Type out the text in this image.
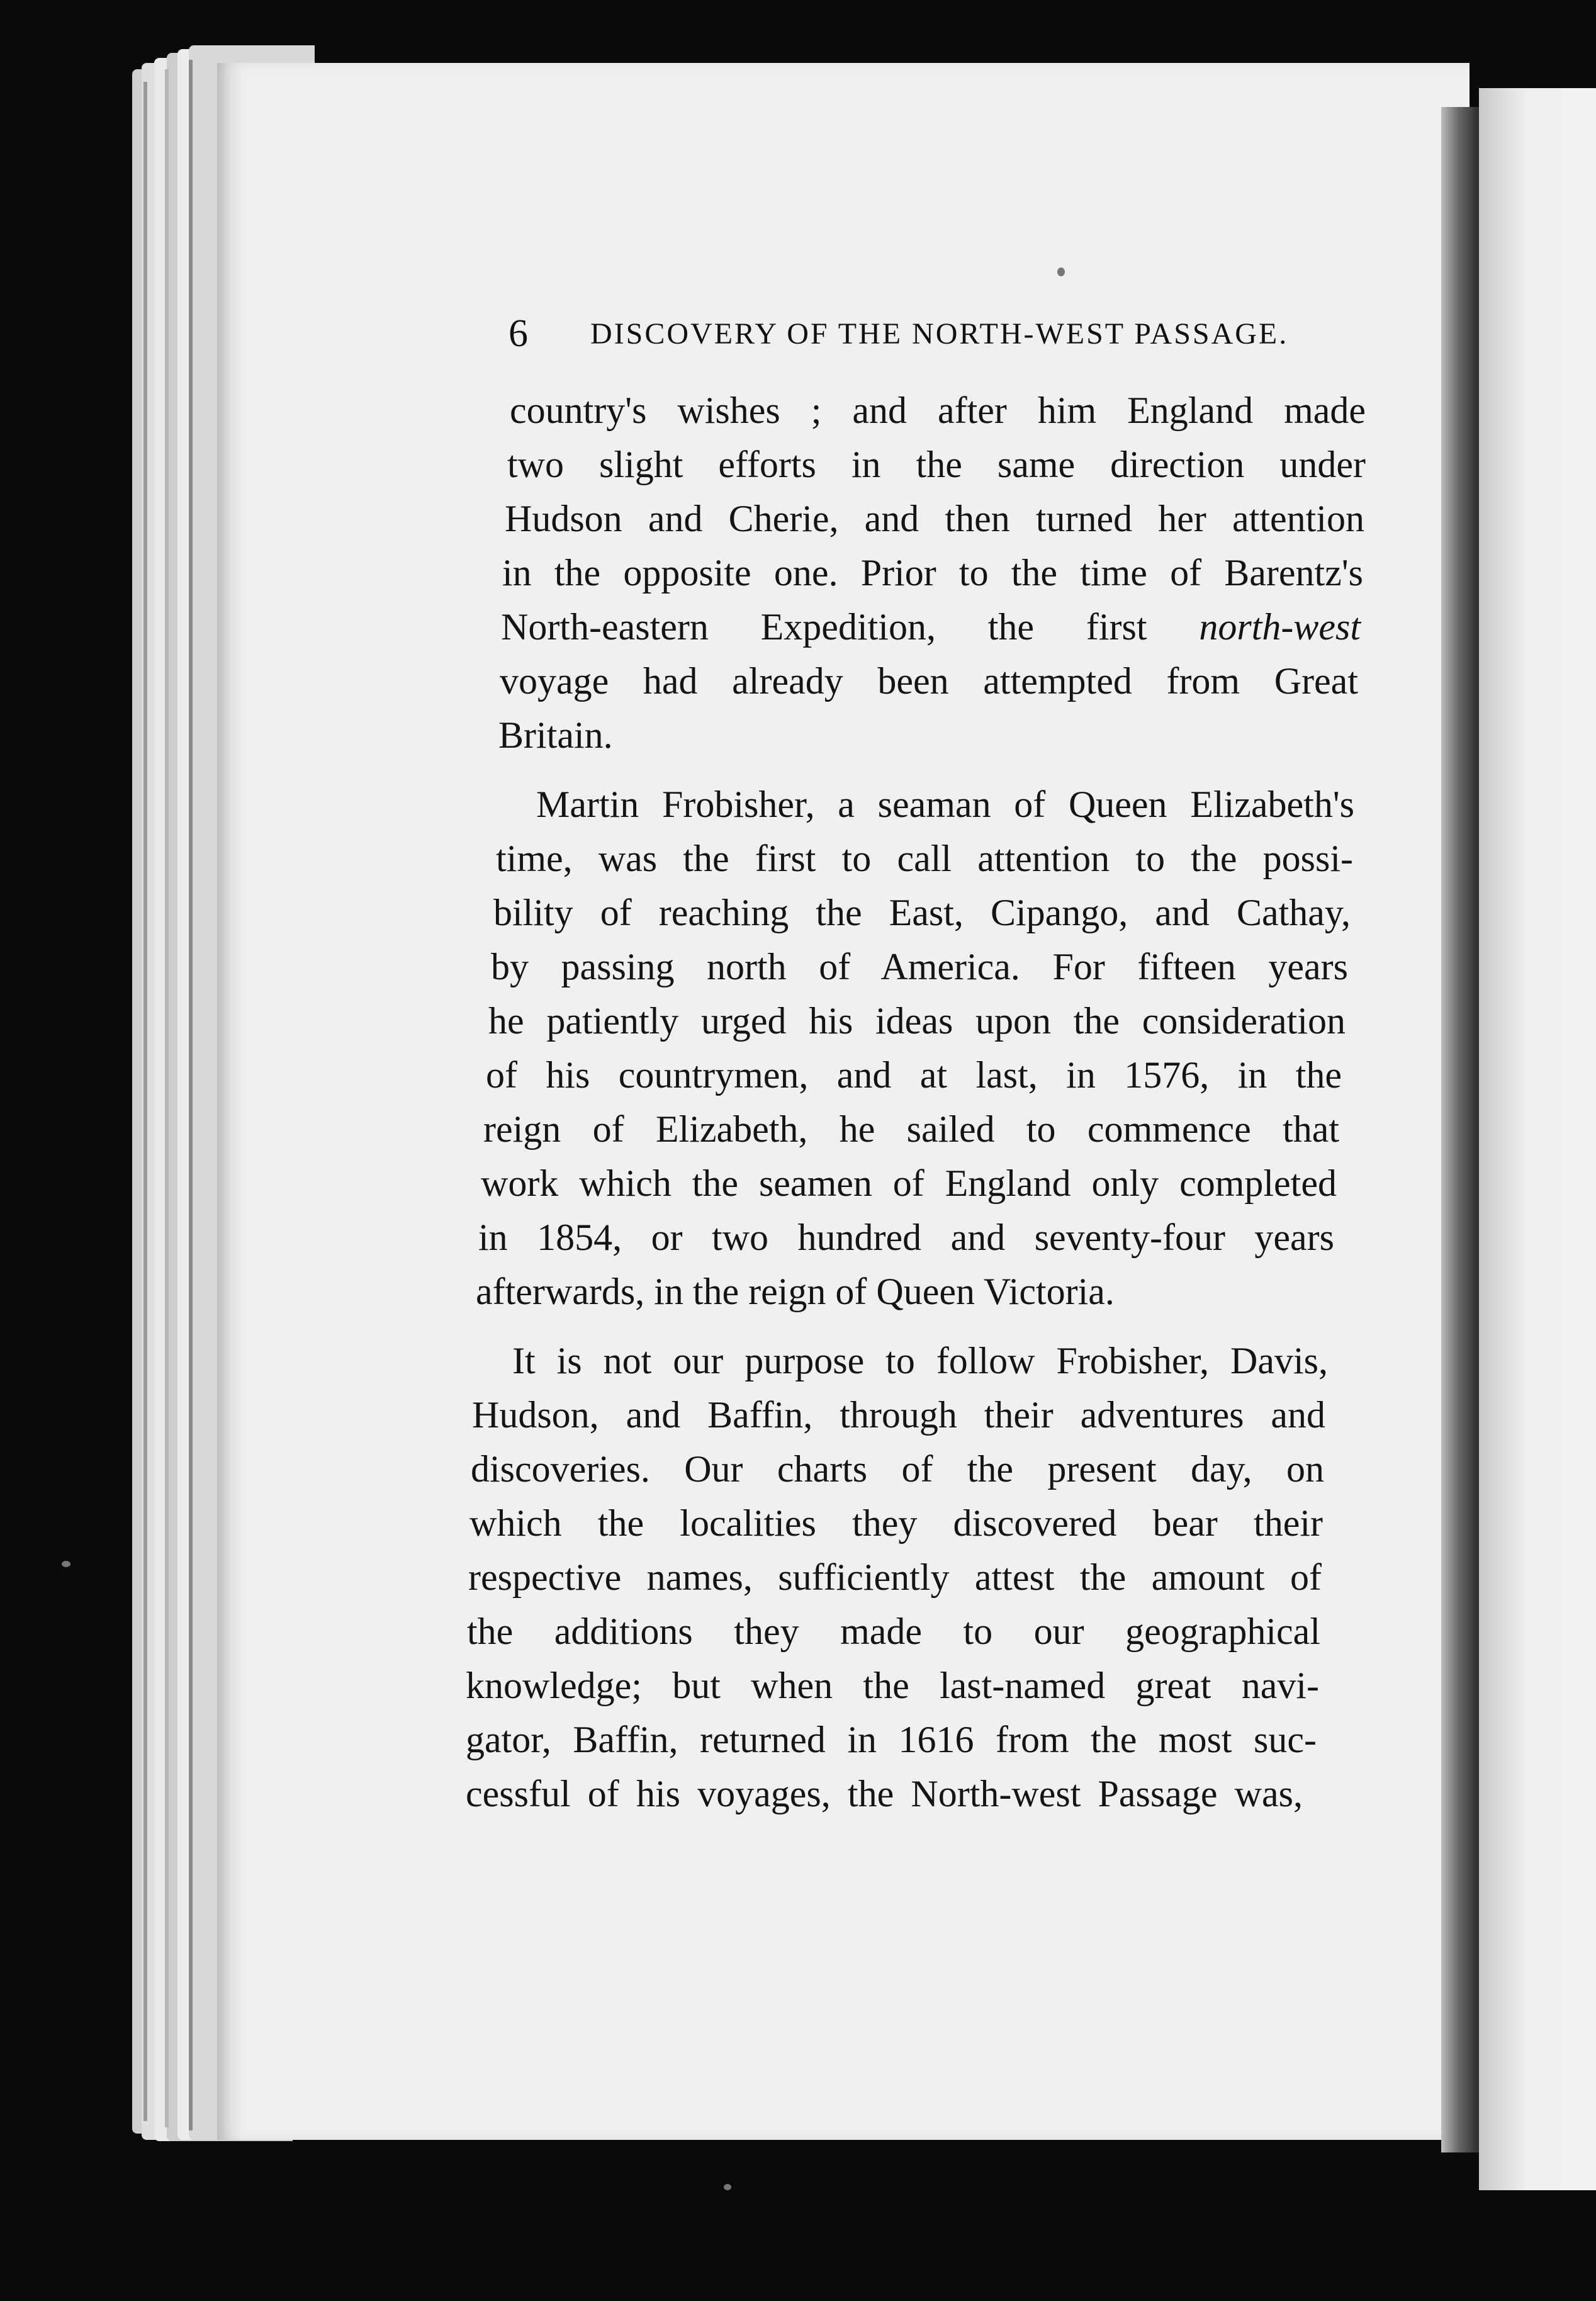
6 DISCOVERY OF THE NORTH-WEST PASSAGE.
country's wishes ; and after him England made
two slight efforts in the same direction under
Hudson and Cherie, and then turned her attention
in the opposite one. Prior to the time of Barentz's
North-eastern Expedition, the first north-west
voyage had already been attempted from Great
Britain.
Martin Frobisher, a seaman of Queen Elizabeth's
time, was the first to call attention to the possi-
bility of reaching the East, Cipango, and Cathay,
by passing north of America. For fifteen years
he patiently urged his ideas upon the consideration
of his countrymen, and at last, in 1576, in the
reign of Elizabeth, he sailed to commence that
work which the seamen of England only completed
in 1854, or two hundred and seventy-four years
afterwards, in the reign of Queen Victoria.
It is not our purpose to follow Frobisher, Davis,
Hudson, and Baffin, through their adventures and
discoveries. Our charts of the present day, on
which the localities they discovered bear their
respective names, sufficiently attest the amount of
the additions they made to our geographical
knowledge; but when the last-named great navi-
gator, Baffin, returned in 1616 from the most suc-
cessful of his voyages, the North-west Passage was,
